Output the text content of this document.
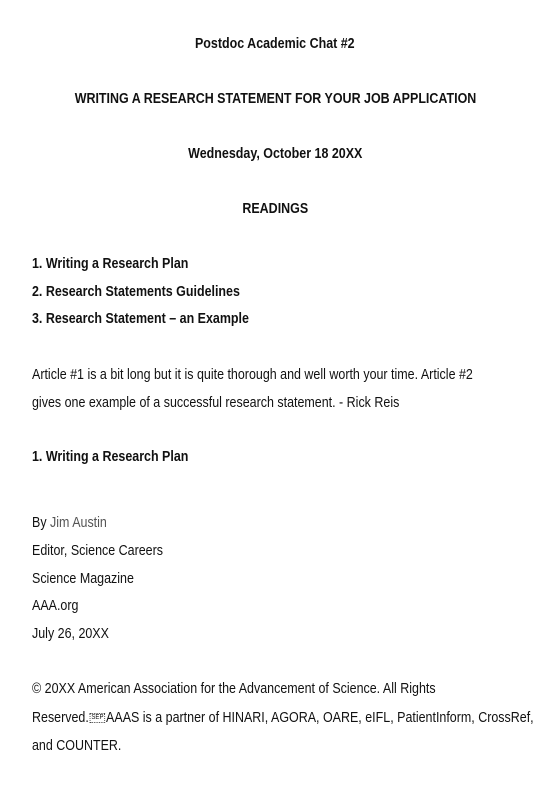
Postdoc Academic Chat #2
WRITING A RESEARCH STATEMENT FOR YOUR JOB APPLICATION
Wednesday, October 18 20XX
READINGS
1. Writing a Research Plan
2. Research Statements Guidelines
3. Research Statement – an Example
Article #1 is a bit long but it is quite thorough and well worth your time. Article #2
gives one example of a successful research statement. - Rick Reis
1. Writing a Research Plan
By Jim Austin
Editor, Science Careers
Science Magazine
AAA.org
July 26, 20XX
© 20XX American Association for the Advancement of Science. All Rights
Reserved. SEP AAAS is a partner of HINARI, AGORA, OARE, eIFL, PatientInform, CrossRef,
and COUNTER.
